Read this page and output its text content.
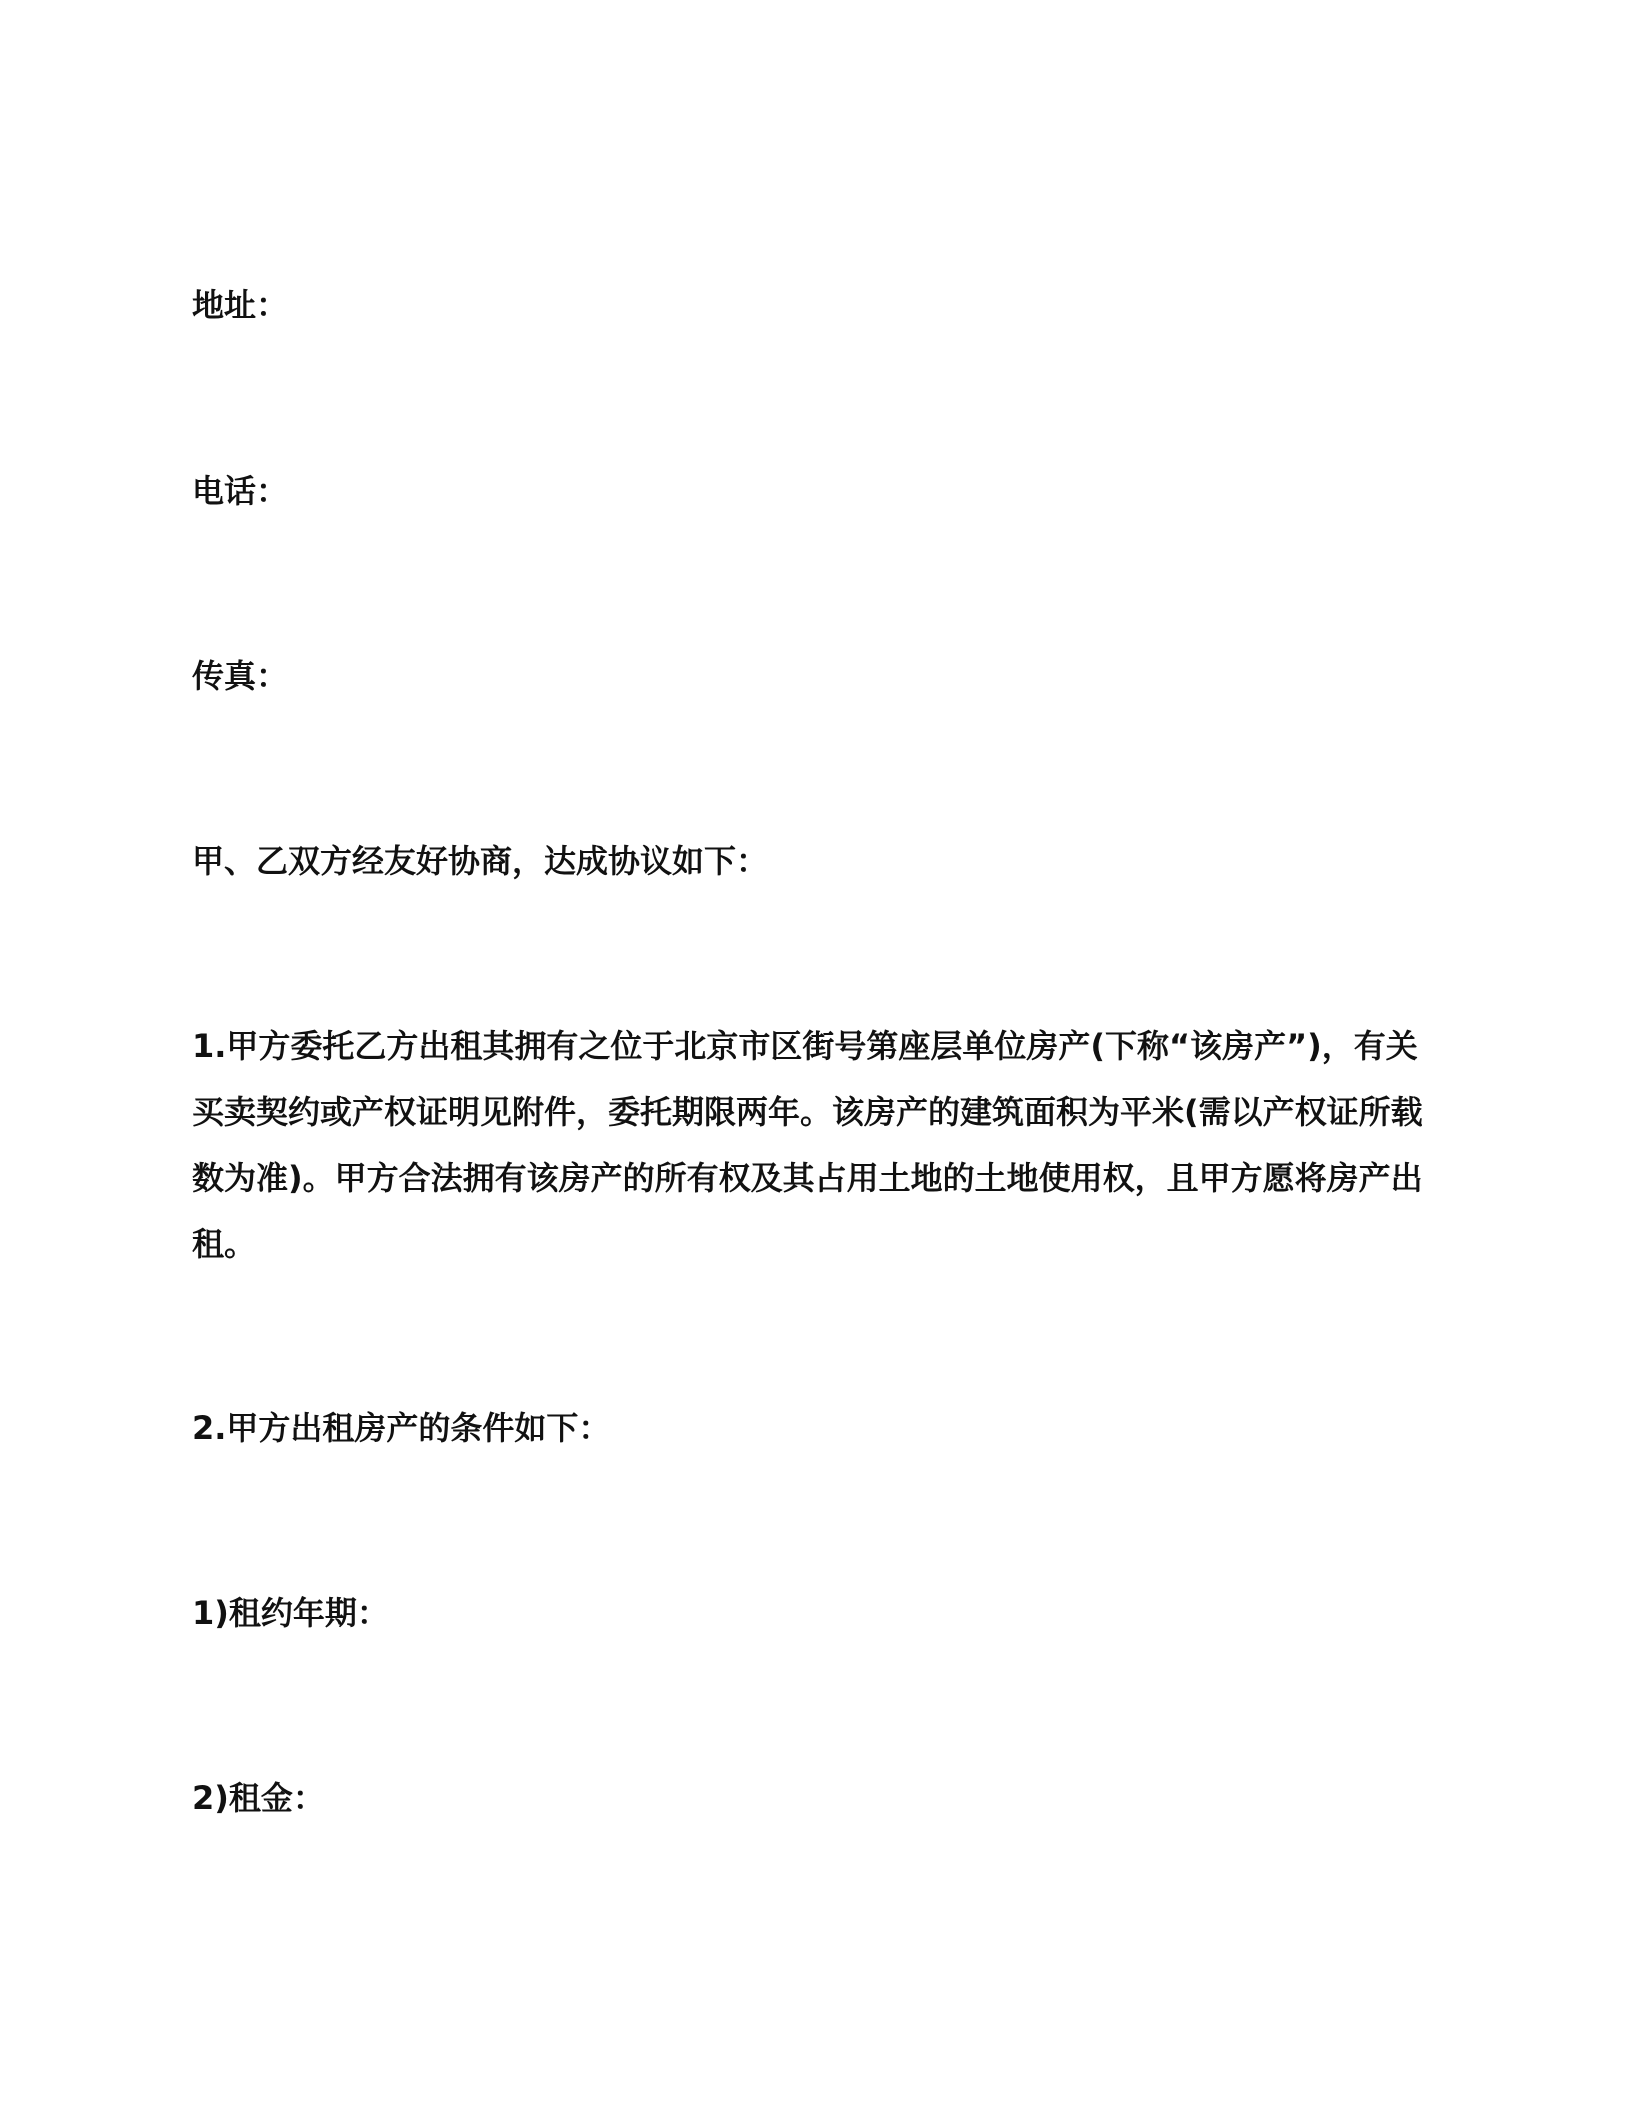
地址：
电话：
传真：
甲、乙双方经友好协商，达成协议如下：

1.甲方委托乙方出租其拥有之位于北京市区街号第座层单位房产(下称“该房产”)，有关

买卖契约或产权证明见附件，委托期限两年。该房产的建筑面积为平米(需以产权证所载

数为准)。甲方合法拥有该房产的所有权及其占用土地的土地使用权，且甲方愿将房产出

租。

2.甲方出租房产的条件如下：
1)租约年期：
2)租金：
